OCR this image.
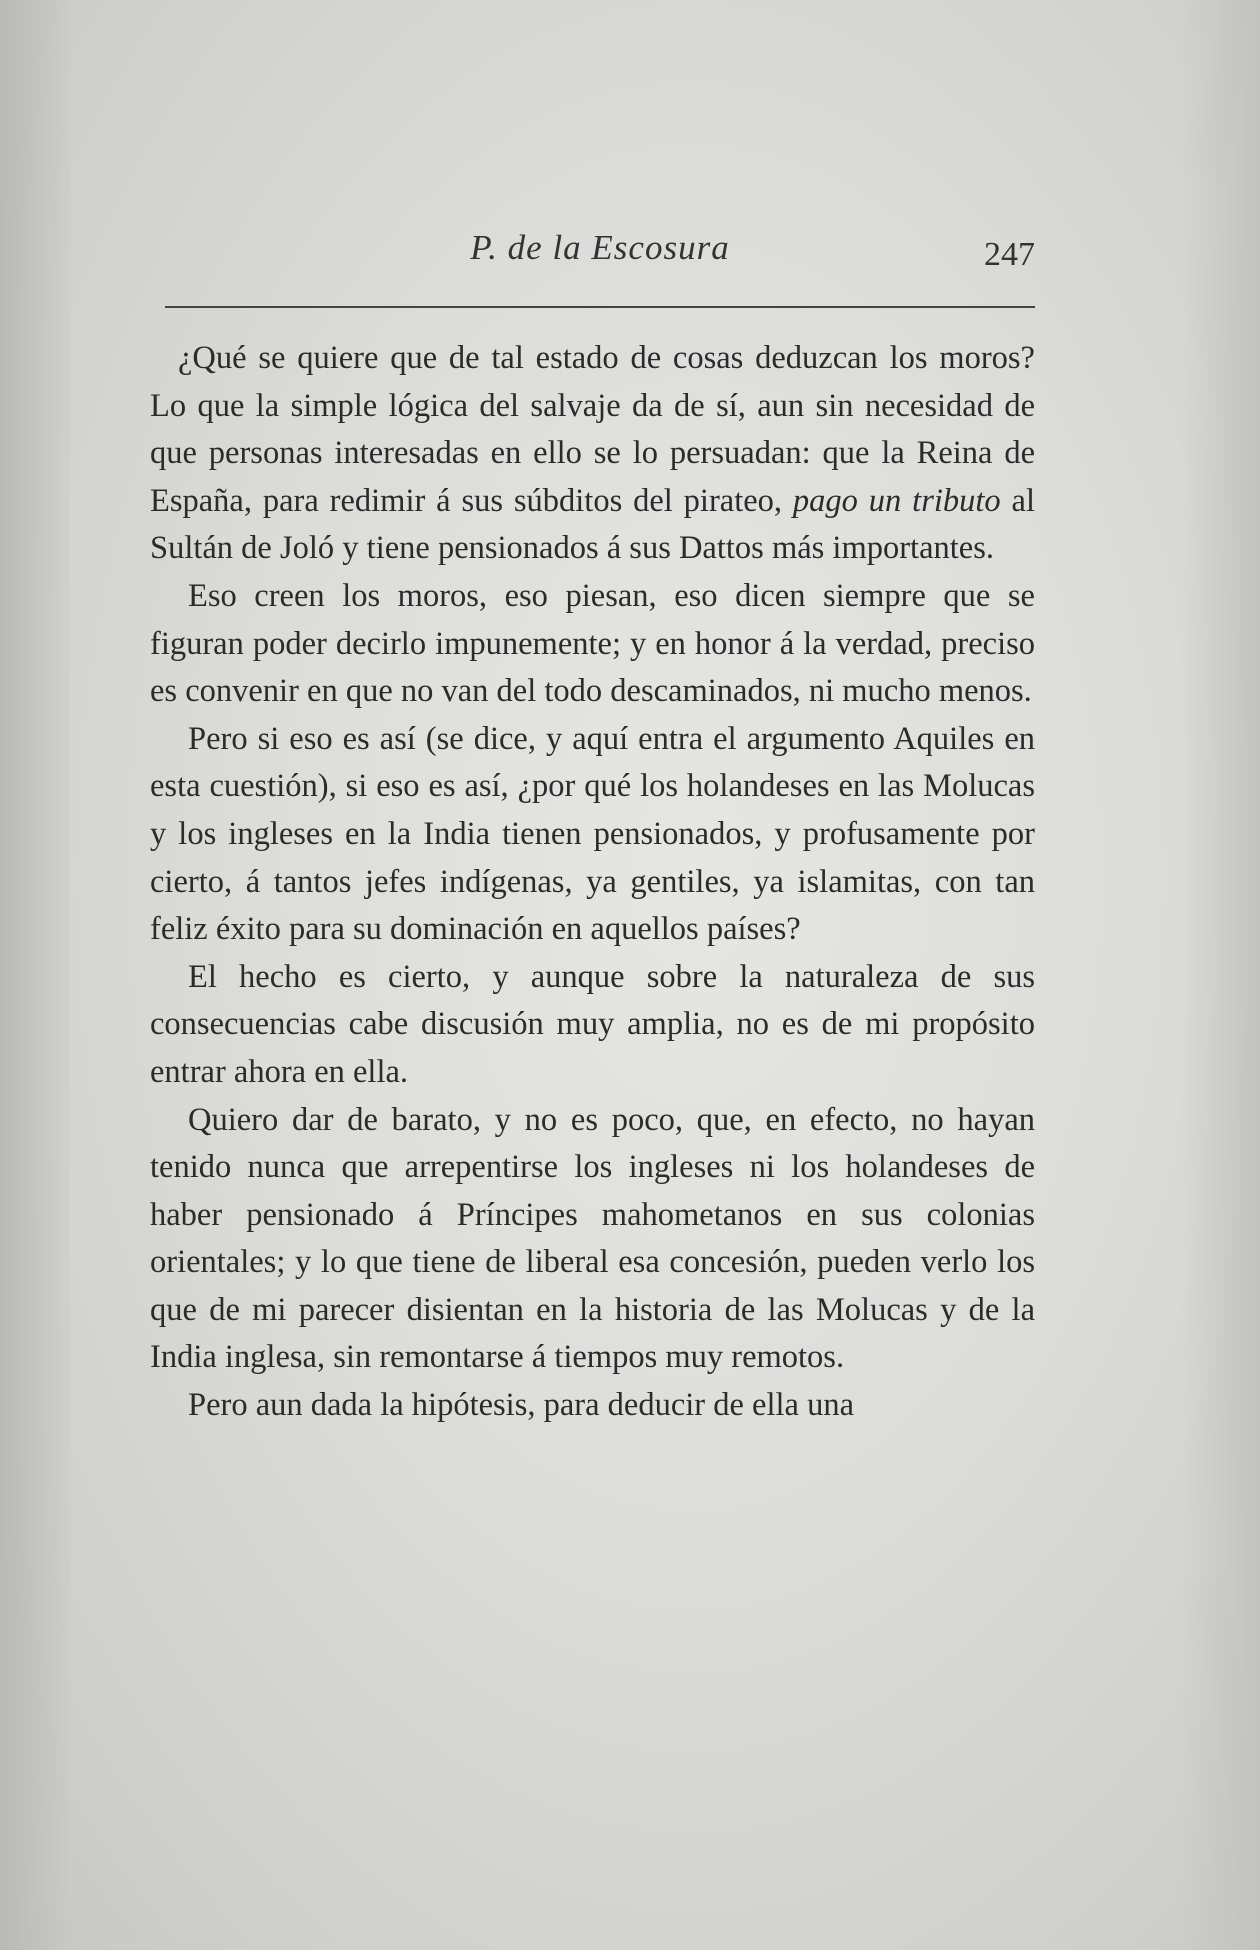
P. de la Escosura	247

¿Qué se quiere que de tal estado de cosas deduzcan los moros? Lo que la simple lógica del salvaje da de sí, aun sin necesidad de que personas interesadas en ello se lo persuadan: que la Reina de España, para redimir á sus súbditos del pirateo, pago un tributo al Sultán de Joló y tiene pensionados á sus Dattos más importantes.

Eso creen los moros, eso piesan, eso dicen siempre que se figuran poder decirlo impunemente; y en honor á la verdad, preciso es convenir en que no van del todo descaminados, ni mucho menos.

Pero si eso es así (se dice, y aquí entra el argumento Aquiles en esta cuestión), si eso es así, ¿por qué los holandeses en las Molucas y los ingleses en la India tienen pensionados, y profusamente por cierto, á tantos jefes indígenas, ya gentiles, ya islamitas, con tan feliz éxito para su dominación en aquellos países?

El hecho es cierto, y aunque sobre la naturaleza de sus consecuencias cabe discusión muy amplia, no es de mi propósito entrar ahora en ella.

Quiero dar de barato, y no es poco, que, en efecto, no hayan tenido nunca que arrepentirse los ingleses ni los holandeses de haber pensionado á Príncipes mahometanos en sus colonias orientales; y lo que tiene de liberal esa concesión, pueden verlo los que de mi parecer disientan en la historia de las Molucas y de la India inglesa, sin remontarse á tiempos muy remotos.

Pero aun dada la hipótesis, para deducir de ella una
